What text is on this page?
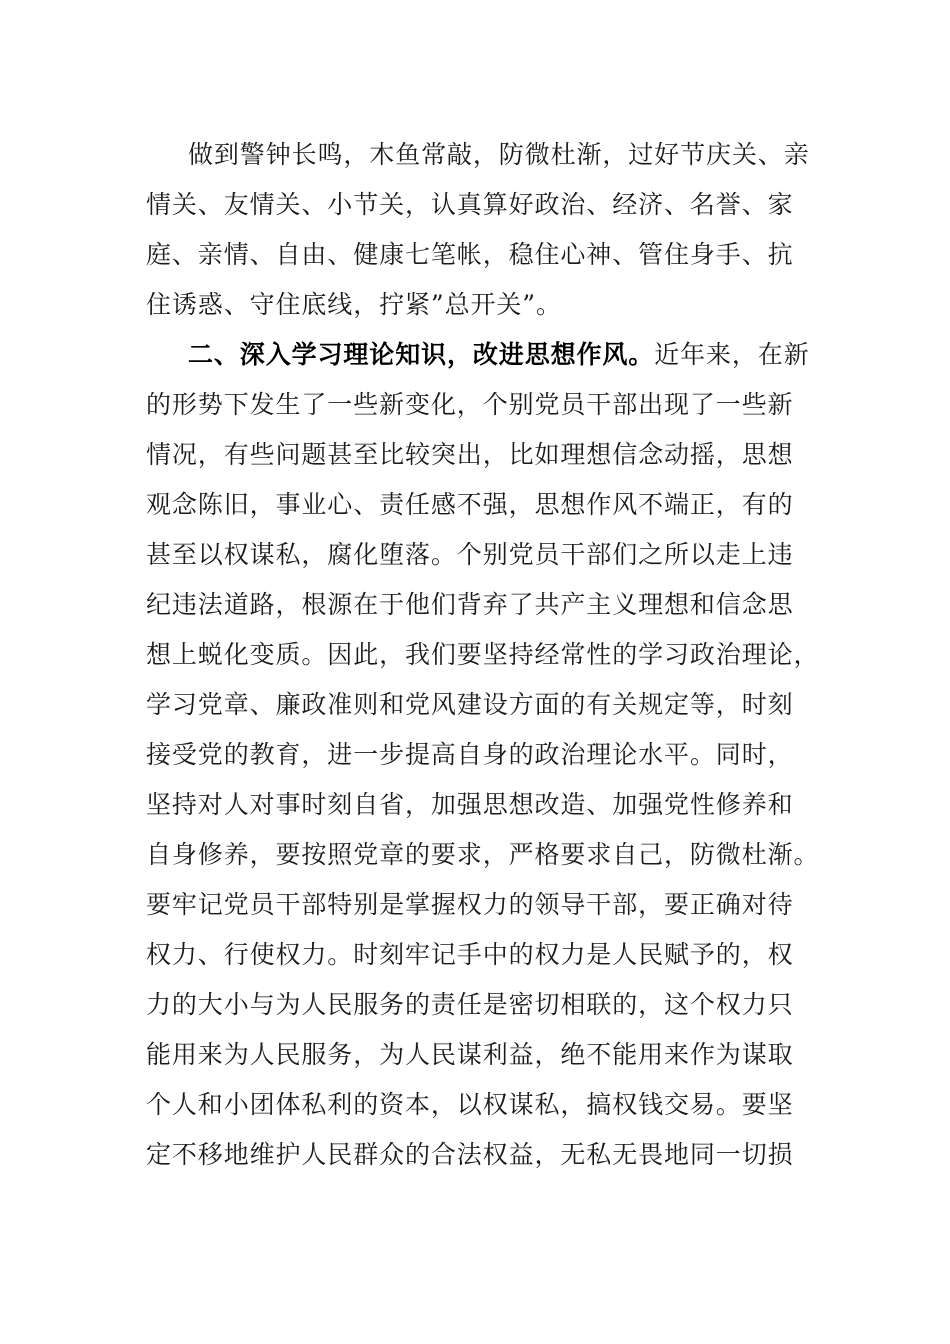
做到警钟长鸣，木鱼常敲，防微杜渐，过好节庆关、亲
情关、友情关、小节关，认真算好政治、经济、名誉、家
庭、亲情、自由、健康七笔帐，稳住心神、管住身手、抗
住诱惑、守住底线，拧紧”总开关”。
二、深入学习理论知识，改进思想作风。近年来，在新
的形势下发生了一些新变化，个别党员干部出现了一些新
情况，有些问题甚至比较突出，比如理想信念动摇，思想
观念陈旧，事业心、责任感不强，思想作风不端正，有的
甚至以权谋私，腐化堕落。个别党员干部们之所以走上违
纪违法道路，根源在于他们背弃了共产主义理想和信念思
想上蜕化变质。因此，我们要坚持经常性的学习政治理论，
学习党章、廉政准则和党风建设方面的有关规定等，时刻
接受党的教育，进一步提高自身的政治理论水平。同时，
坚持对人对事时刻自省，加强思想改造、加强党性修养和
自身修养，要按照党章的要求，严格要求自己，防微杜渐。
要牢记党员干部特别是掌握权力的领导干部，要正确对待
权力、行使权力。时刻牢记手中的权力是人民赋予的，权
力的大小与为人民服务的责任是密切相联的，这个权力只
能用来为人民服务，为人民谋利益，绝不能用来作为谋取
个人和小团体私利的资本，以权谋私，搞权钱交易。要坚
定不移地维护人民群众的合法权益，无私无畏地同一切损
